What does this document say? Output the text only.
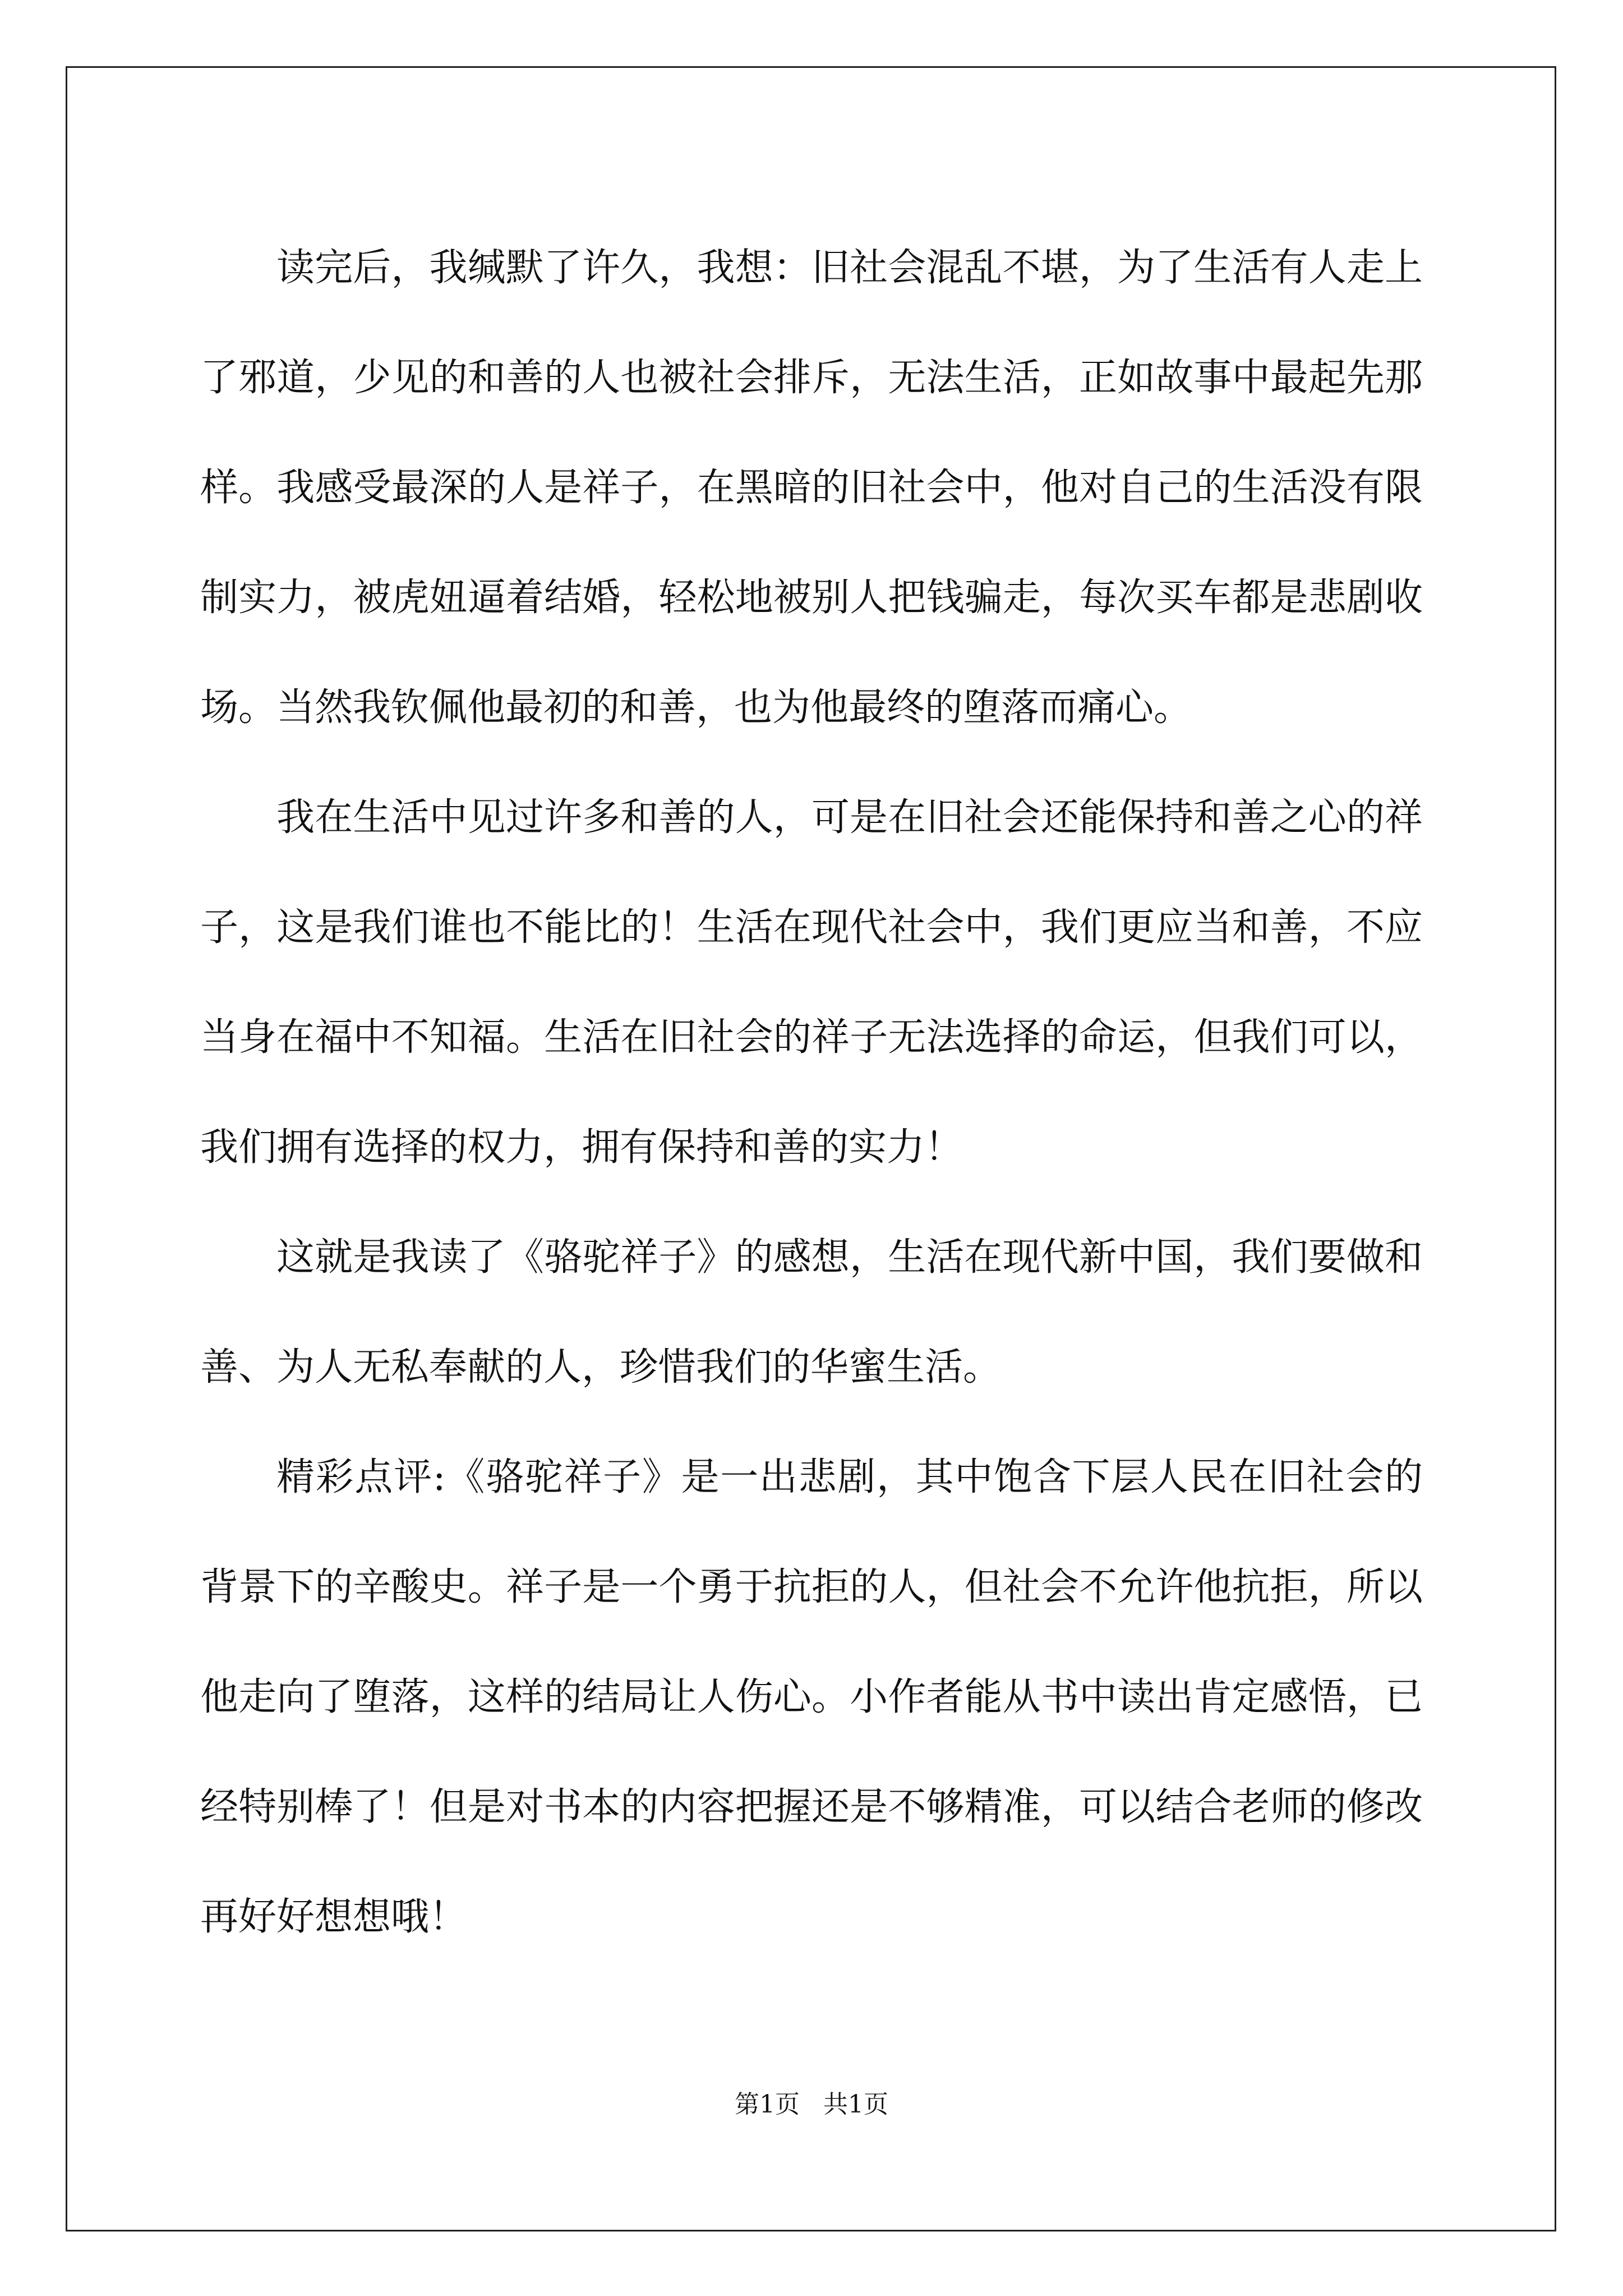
读完后，我缄默了许久，我想：旧社会混乱不堪，为了生活有人走上了邪道，少见的和善的人也被社会排斥，无法生活，正如故事中最起先那样。我感受最深的人是祥子，在黑暗的旧社会中，他对自己的生活没有限制实力，被虎妞逼着结婚，轻松地被别人把钱骗走，每次买车都是悲剧收场。当然我钦佩他最初的和善，也为他最终的堕落而痛心。

我在生活中见过许多和善的人，可是在旧社会还能保持和善之心的祥子，这是我们谁也不能比的！生活在现代社会中，我们更应当和善，不应当身在福中不知福。生活在旧社会的祥子无法选择的命运，但我们可以，我们拥有选择的权力，拥有保持和善的实力！

这就是我读了《骆驼祥子》的感想，生活在现代新中国，我们要做和善、为人无私奉献的人，珍惜我们的华蜜生活。

精彩点评:《骆驼祥子》是一出悲剧，其中饱含下层人民在旧社会的背景下的辛酸史。祥子是一个勇于抗拒的人，但社会不允许他抗拒，所以他走向了堕落，这样的结局让人伤心。小作者能从书中读出肯定感悟，已经特别棒了！但是对书本的内容把握还是不够精准，可以结合老师的修改再好好想想哦！

第1页 共1页
